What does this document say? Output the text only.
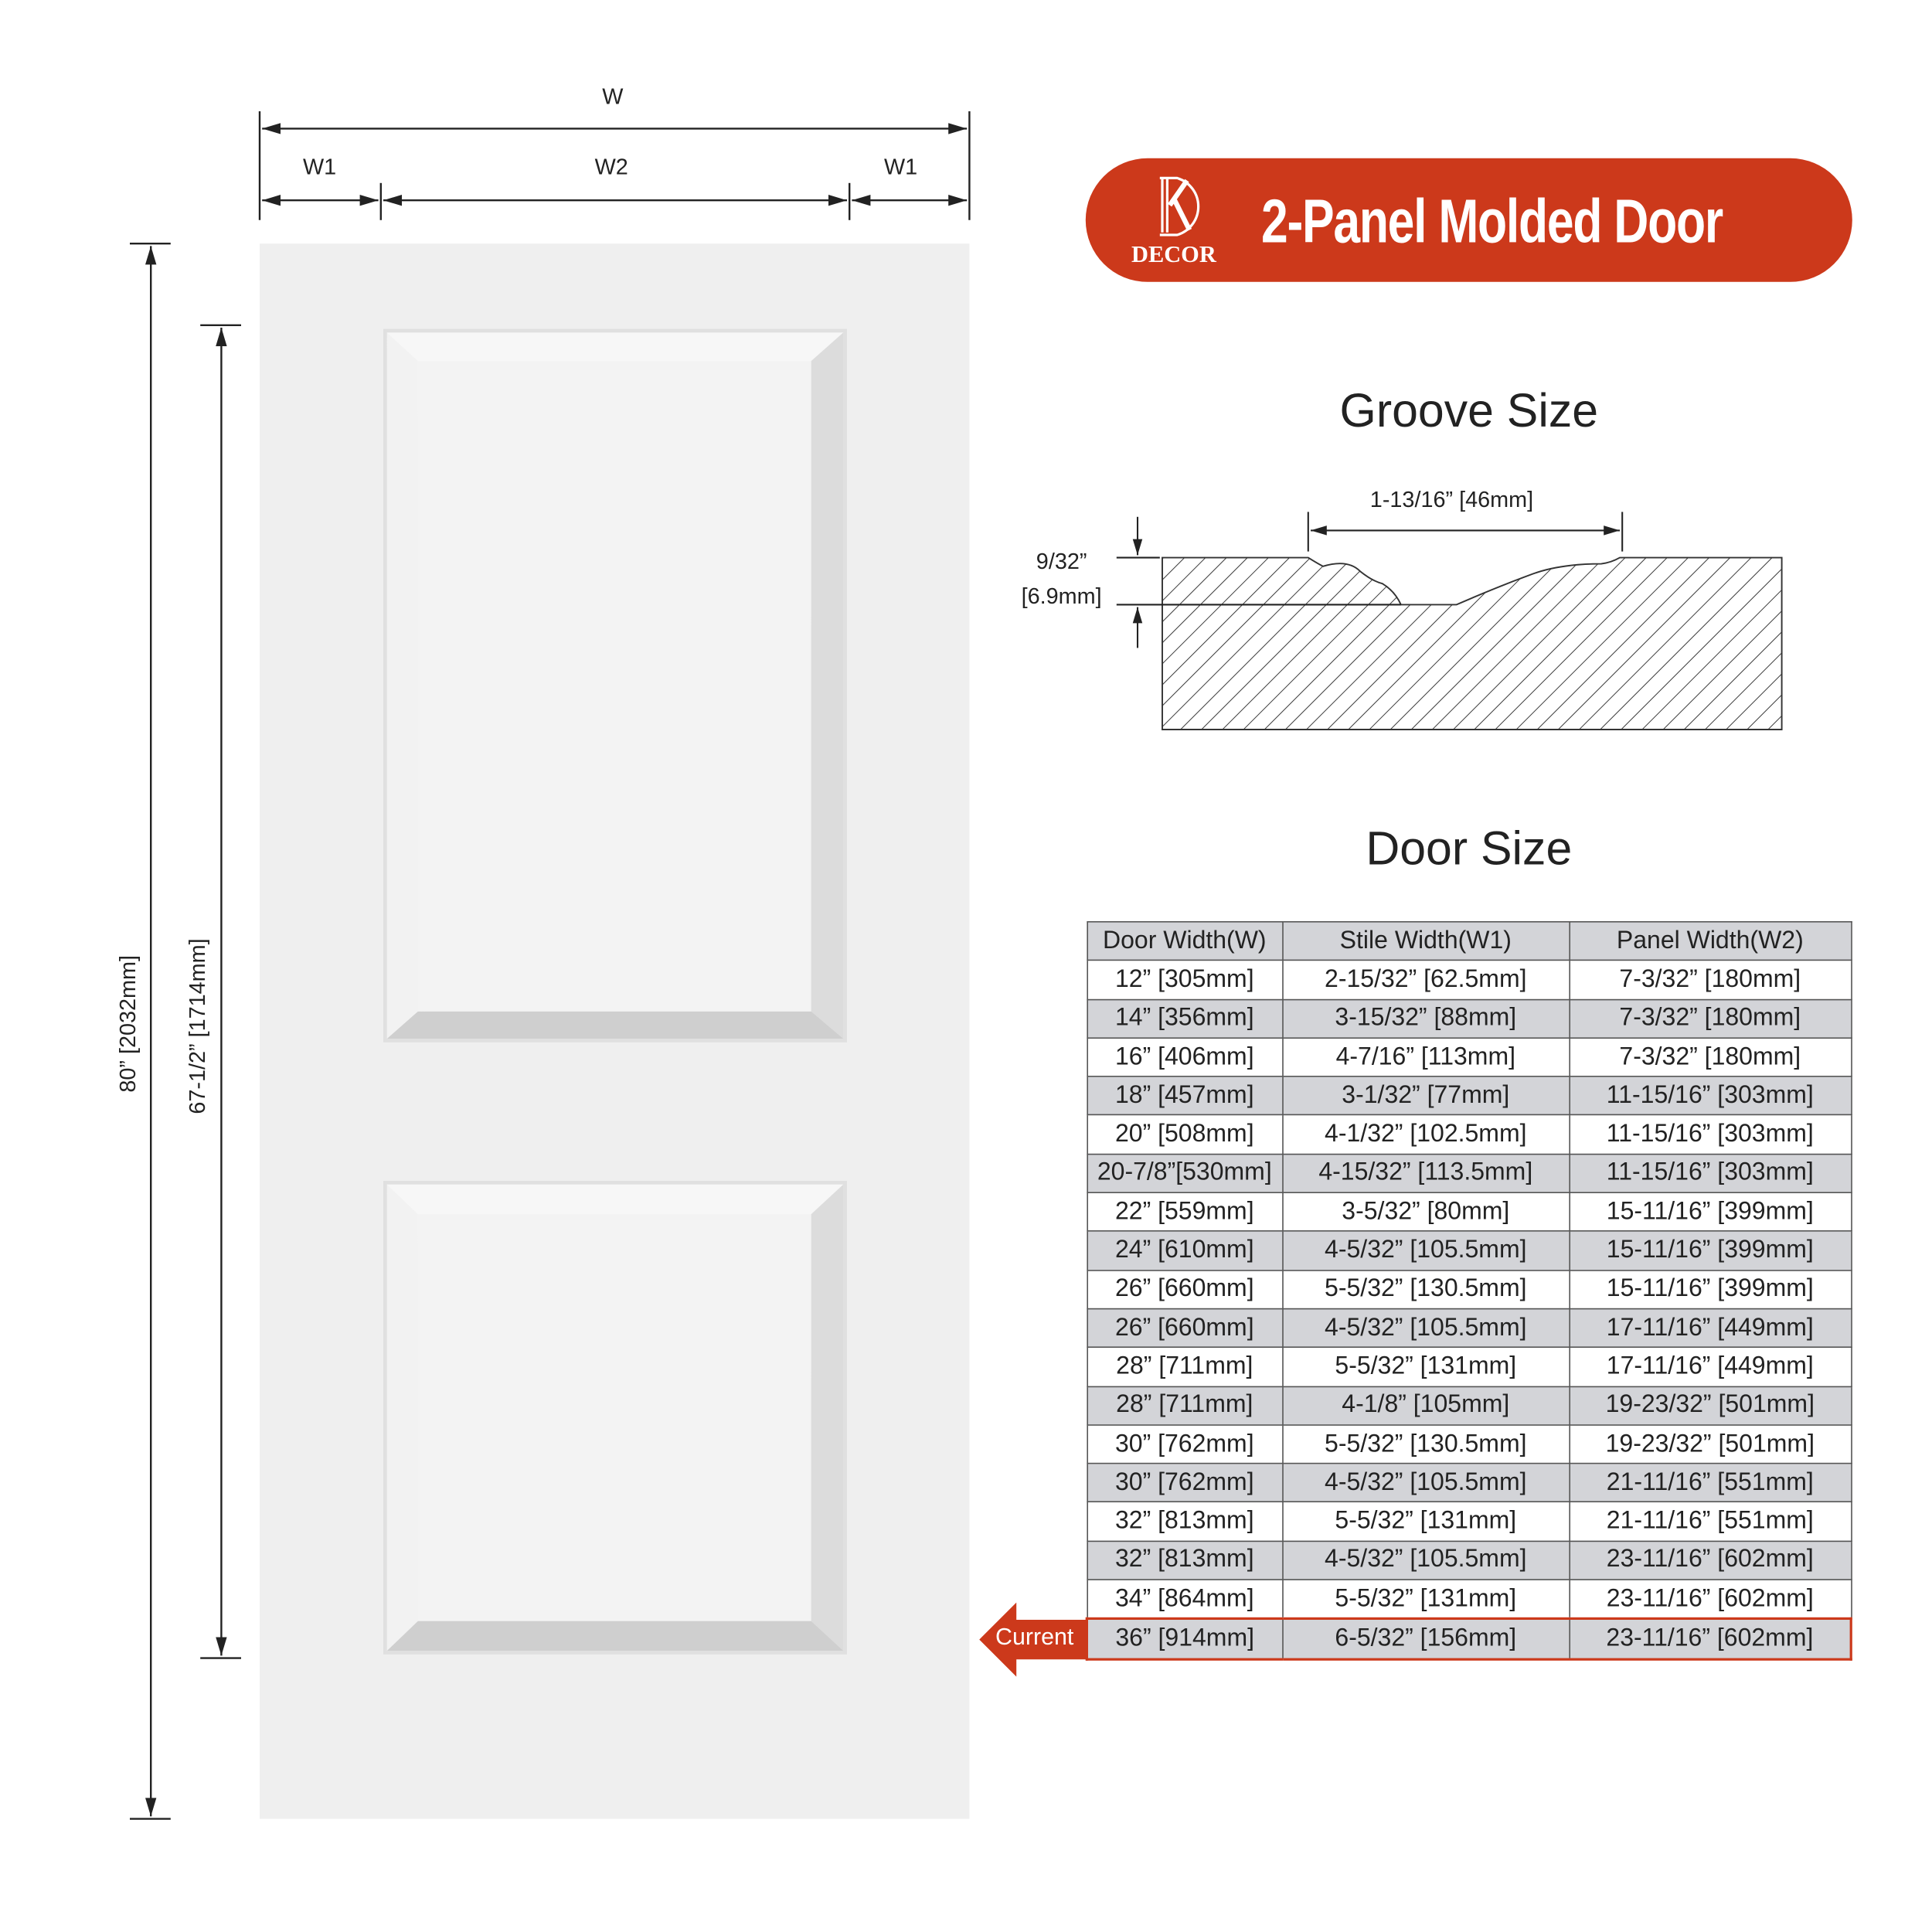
W
W1	W2	W1
80” [2032mm]	67-1/2” [1714mm]
DECOR 2-Panel Molded Door
Groove Size
1-13/16” [46mm]
9/32”
[6.9mm]
Door Size
Door Width(W)	Stile Width(W1)	Panel Width(W2)
12” [305mm]	2-15/32” [62.5mm]	7-3/32” [180mm]
14” [356mm]	3-15/32” [88mm]	7-3/32” [180mm]
16” [406mm]	4-7/16” [113mm]	7-3/32” [180mm]
18” [457mm]	3-1/32” [77mm]	11-15/16” [303mm]
20” [508mm]	4-1/32” [102.5mm]	11-15/16” [303mm]
20-7/8”[530mm]	4-15/32” [113.5mm]	11-15/16” [303mm]
22” [559mm]	3-5/32” [80mm]	15-11/16” [399mm]
24” [610mm]	4-5/32” [105.5mm]	15-11/16” [399mm]
26” [660mm]	5-5/32” [130.5mm]	15-11/16” [399mm]
26” [660mm]	4-5/32” [105.5mm]	17-11/16” [449mm]
28” [711mm]	5-5/32” [131mm]	17-11/16” [449mm]
28” [711mm]	4-1/8” [105mm]	19-23/32” [501mm]
30” [762mm]	5-5/32” [130.5mm]	19-23/32” [501mm]
30” [762mm]	4-5/32” [105.5mm]	21-11/16” [551mm]
32” [813mm]	5-5/32” [131mm]	21-11/16” [551mm]
32” [813mm]	4-5/32” [105.5mm]	23-11/16” [602mm]
34” [864mm]	5-5/32” [131mm]	23-11/16” [602mm]
36” [914mm]	6-5/32” [156mm]	23-11/16” [602mm]
Current
